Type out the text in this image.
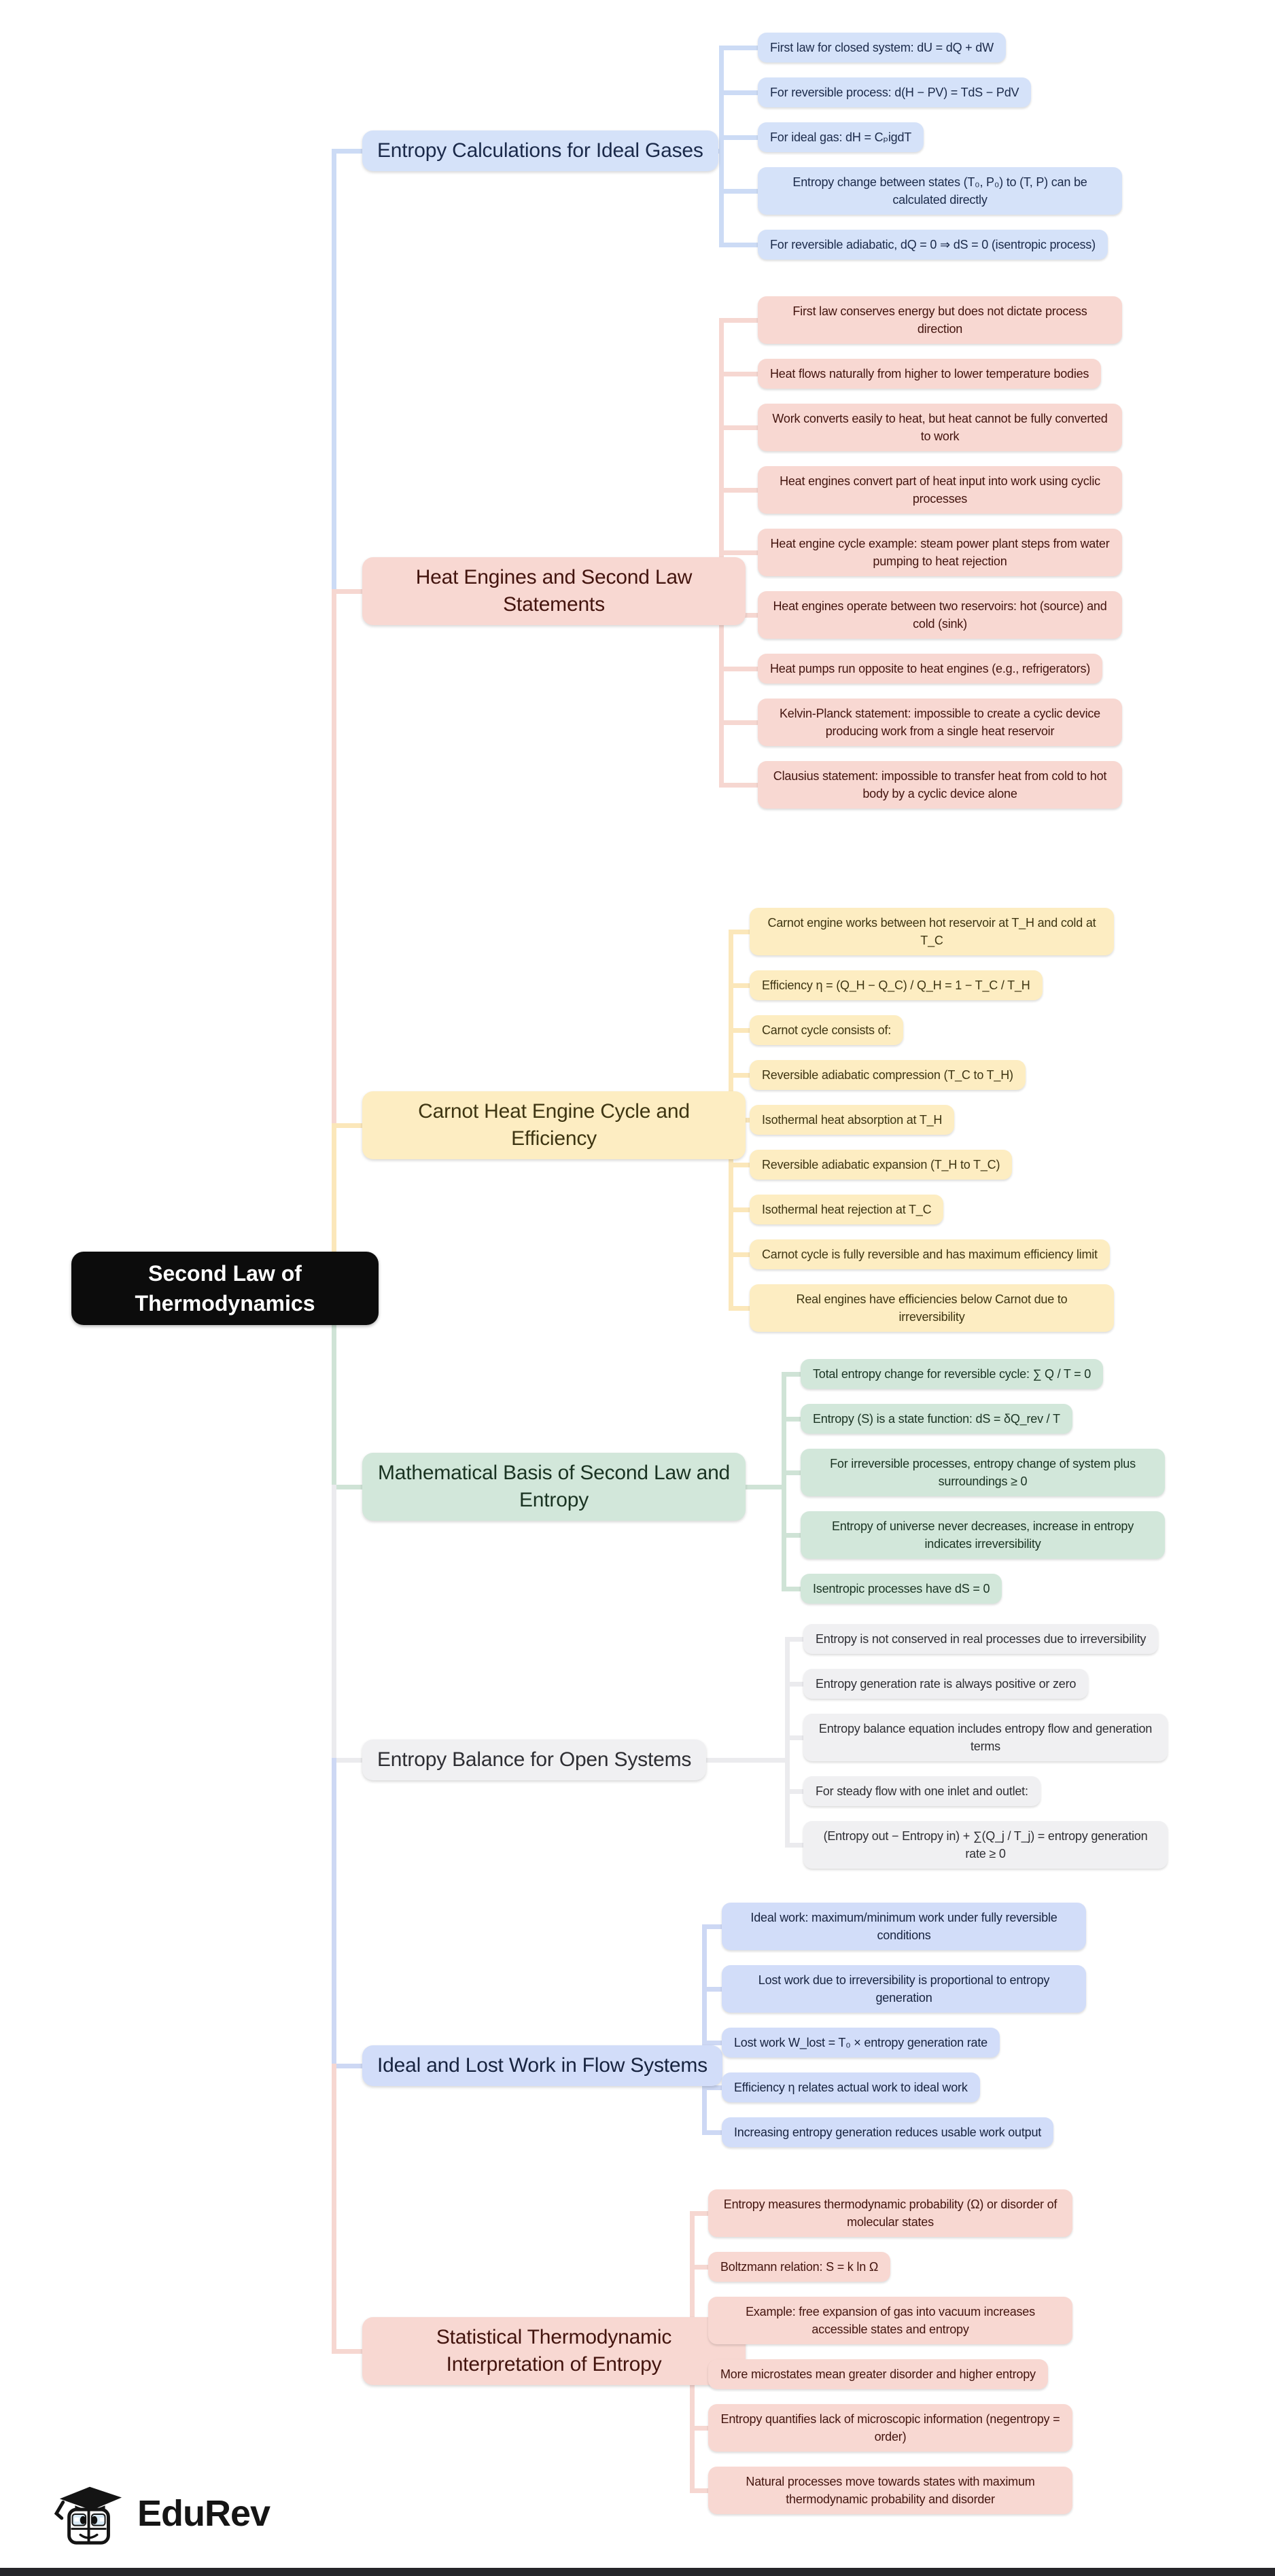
Second Law of Thermodynamics
Entropy Calculations for Ideal Gases
First law for closed system: dU = dQ + dW
For reversible process: d(H − PV) = TdS − PdV
For ideal gas: dH = CₚigdT
Entropy change between states (T₀, P₀) to (T, P) can be calculated directly
For reversible adiabatic, dQ = 0 ⇒ dS = 0 (isentropic process)
Heat Engines and Second Law Statements
First law conserves energy but does not dictate process direction
Heat flows naturally from higher to lower temperature bodies
Work converts easily to heat, but heat cannot be fully converted to work
Heat engines convert part of heat input into work using cyclic processes
Heat engine cycle example: steam power plant steps from water pumping to heat rejection
Heat engines operate between two reservoirs: hot (source) and cold (sink)
Heat pumps run opposite to heat engines (e.g., refrigerators)
Kelvin-Planck statement: impossible to create a cyclic device producing work from a single heat reservoir
Clausius statement: impossible to transfer heat from cold to hot body by a cyclic device alone
Carnot Heat Engine Cycle and Efficiency
Carnot engine works between hot reservoir at T_H and cold at T_C
Efficiency η = (Q_H − Q_C) / Q_H = 1 − T_C / T_H
Carnot cycle consists of:
Reversible adiabatic compression (T_C to T_H)
Isothermal heat absorption at T_H
Reversible adiabatic expansion (T_H to T_C)
Isothermal heat rejection at T_C
Carnot cycle is fully reversible and has maximum efficiency limit
Real engines have efficiencies below Carnot due to irreversibility
Mathematical Basis of Second Law and Entropy
Total entropy change for reversible cycle: ∑ Q / T = 0
Entropy (S) is a state function: dS = δQ_rev / T
For irreversible processes, entropy change of system plus surroundings ≥ 0
Entropy of universe never decreases, increase in entropy indicates irreversibility
Isentropic processes have dS = 0
Entropy Balance for Open Systems
Entropy is not conserved in real processes due to irreversibility
Entropy generation rate is always positive or zero
Entropy balance equation includes entropy flow and generation terms
For steady flow with one inlet and outlet:
(Entropy out − Entropy in) + ∑(Q_j / T_j) = entropy generation rate ≥ 0
Ideal and Lost Work in Flow Systems
Ideal work: maximum/minimum work under fully reversible conditions
Lost work due to irreversibility is proportional to entropy generation
Lost work W_lost = T₀ × entropy generation rate
Efficiency η relates actual work to ideal work
Increasing entropy generation reduces usable work output
Statistical Thermodynamic Interpretation of Entropy
Entropy measures thermodynamic probability (Ω) or disorder of molecular states
Boltzmann relation: S = k ln Ω
Example: free expansion of gas into vacuum increases accessible states and entropy
More microstates mean greater disorder and higher entropy
Entropy quantifies lack of microscopic information (negentropy = order)
Natural processes move towards states with maximum thermodynamic probability and disorder
EduRev
